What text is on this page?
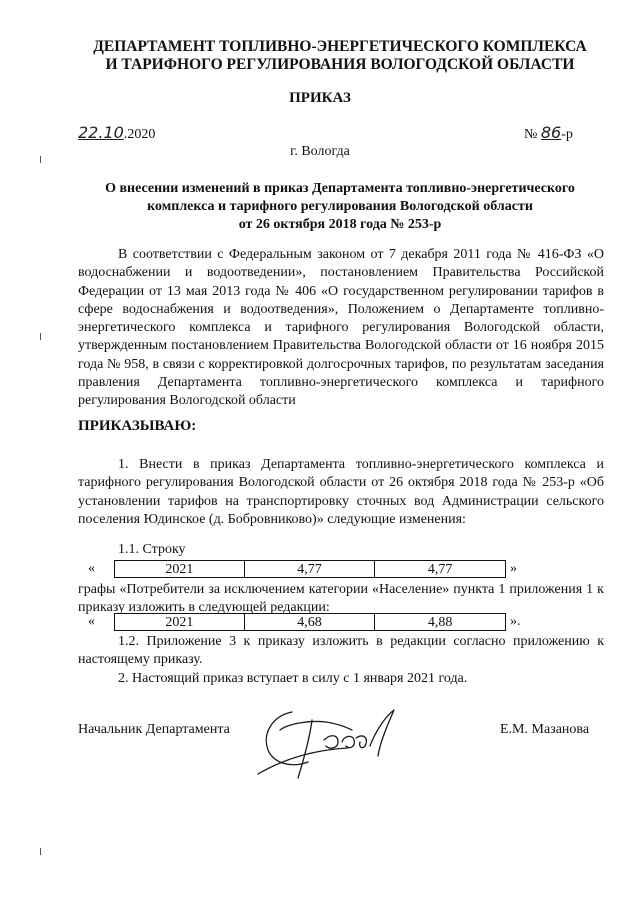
ДЕПАРТАМЕНТ ТОПЛИВНО-ЭНЕРГЕТИЧЕСКОГО КОМПЛЕКСА
И ТАРИФНОГО РЕГУЛИРОВАНИЯ ВОЛОГОДСКОЙ ОБЛАСТИ
ПРИКАЗ
22.10.2020	№ 86-р
г. Вологда
О внесении изменений в приказ Департамента топливно-энергетического
комплекса и тарифного регулирования Вологодской области
от 26 октября 2018 года № 253-р
В соответствии с Федеральным законом от 7 декабря 2011 года № 416-ФЗ «О водоснабжении и водоотведении», постановлением Правительства Российской Федерации от 13 мая 2013 года № 406 «О государственном регулировании тарифов в сфере водоснабжения и водоотведения», Положением о Департаменте топливно-энергетического комплекса и тарифного регулирования Вологодской области, утвержденным постановлением Правительства Вологодской области от 16 ноября 2015 года № 958, в связи с корректировкой долгосрочных тарифов, по результатам заседания правления Департамента топливно-энергетического комплекса и тарифного регулирования Вологодской области
ПРИКАЗЫВАЮ:
1. Внести в приказ Департамента топливно-энергетического комплекса и тарифного регулирования Вологодской области от 26 октября 2018 года № 253-р «Об установлении тарифов на транспортировку сточных вод Администрации сельского поселения Юдинское (д. Бобровниково)» следующие изменения:
1.1. Строку
«	2021	4,77	4,77	»
графы «Потребители за исключением категории «Население» пункта 1 приложения 1 к приказу изложить в следующей редакции:
«	2021	4,68	4,88	».
1.2. Приложение 3 к приказу изложить в редакции согласно приложению к настоящему приказу.
2. Настоящий приказ вступает в силу с 1 января 2021 года.
Начальник Департамента	Е.М. Мазанова
